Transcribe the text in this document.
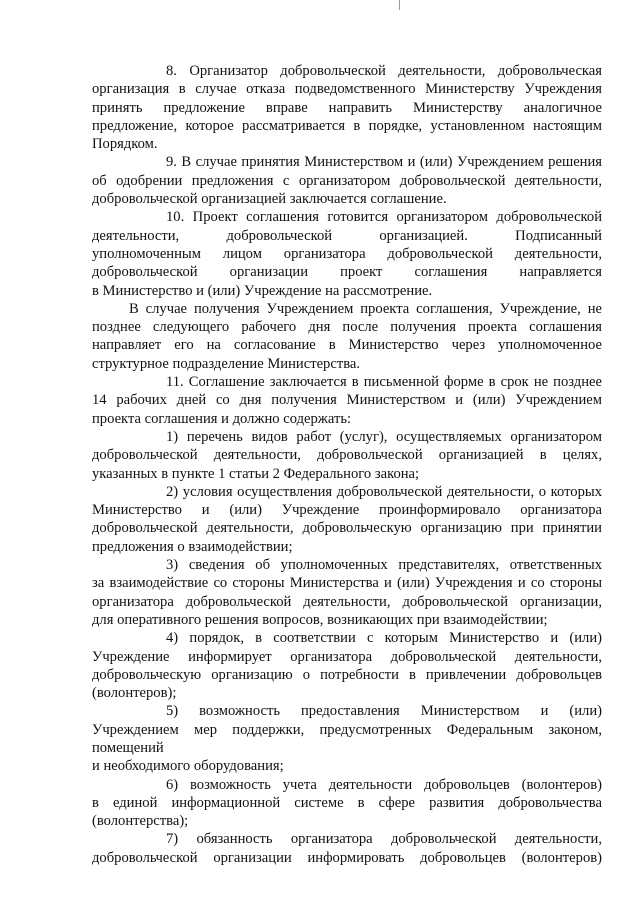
8. Организатор добровольческой деятельности, добровольческая
организация в случае отказа подведомственного Министерству Учреждения
принять предложение вправе направить Министерству аналогичное
предложение, которое рассматривается в порядке, установленном настоящим
Порядком.

9. В случае принятия Министерством и (или) Учреждением решения
об одобрении предложения с организатором добровольческой деятельности,
добровольческой организацией заключается соглашение.

10. Проект соглашения готовится организатором добровольческой
деятельности, добровольческой организацией. Подписанный
уполномоченным лицом организатора добровольческой деятельности,
добровольческой организации проект соглашения направляется
в Министерство и (или) Учреждение на рассмотрение.

В случае получения Учреждением проекта соглашения, Учреждение, не
позднее следующего рабочего дня после получения проекта соглашения
направляет его на согласование в Министерство через уполномоченное
структурное подразделение Министерства.

11. Соглашение заключается в письменной форме в срок не позднее
14 рабочих дней со дня получения Министерством и (или) Учреждением
проекта соглашения и должно содержать:

1) перечень видов работ (услуг), осуществляемых организатором
добровольческой деятельности, добровольческой организацией в целях,
указанных в пункте 1 статьи 2 Федерального закона;

2) условия осуществления добровольческой деятельности, о которых
Министерство и (или) Учреждение проинформировало организатора
добровольческой деятельности, добровольческую организацию при принятии
предложения о взаимодействии;

3) сведения об уполномоченных представителях, ответственных
за взаимодействие со стороны Министерства и (или) Учреждения и со стороны
организатора добровольческой деятельности, добровольческой организации,
для оперативного решения вопросов, возникающих при взаимодействии;

4) порядок, в соответствии с которым Министерство и (или)
Учреждение информирует организатора добровольческой деятельности,
добровольческую организацию о потребности в привлечении добровольцев
(волонтеров);

5) возможность предоставления Министерством и (или)
Учреждением мер поддержки, предусмотренных Федеральным законом,
помещений
и необходимого оборудования;

6) возможность учета деятельности добровольцев (волонтеров)
в единой информационной системе в сфере развития добровольчества
(волонтерства);

7) обязанность организатора добровольческой деятельности,
добровольческой организации информировать добровольцев (волонтеров)
